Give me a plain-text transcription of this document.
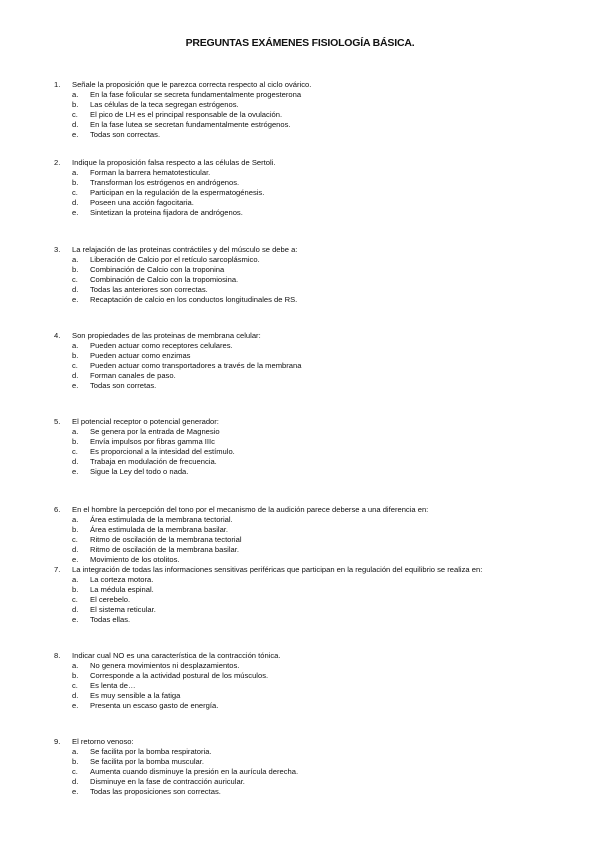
PREGUNTAS EXÁMENES FISIOLOGÍA BÁSICA.
1. Señale la proposición que le parezca correcta respecto al ciclo ovárico.
a. En la fase folicular se secreta fundamentalmente progesterona
b. Las células de la teca segregan estrógenos.
c. El pico de LH es el principal responsable de la ovulación.
d. En la fase lutea se secretan fundamentalmente estrógenos.
e. Todas son correctas.
2. Indique la proposición falsa respecto a las células de Sertoli.
a. Forman la barrera hematotesticular.
b. Transforman los estrógenos en andrógenos.
c. Participan en la regulación de la espermatogénesis.
d. Poseen una acción fagocitaria.
e. Sintetizan la proteina fijadora de andrógenos.
3. La relajación de las proteinas contráctiles y del músculo se debe a:
a. Liberación de Calcio por el retículo sarcoplásmico.
b. Combinación de Calcio con la troponina
c. Combinación de Calcio con la tropomiosina.
d. Todas las anteriores son correctas.
e. Recaptación de calcio en los conductos longitudinales de RS.
4. Son propiedades de las proteinas de membrana celular:
a. Pueden actuar como receptores celulares.
b. Pueden actuar como enzimas
c. Pueden actuar como transportadores a través de la membrana
d. Forman canales de paso.
e. Todas son corretas.
5. El potencial receptor o potencial generador:
a. Se genera por la entrada de Magnesio
b. Envía impulsos por fibras gamma IIIc
c. Es proporcional a la intesidad del estímulo.
d. Trabaja en modulación de frecuencia.
e. Sigue la Ley del todo o nada.
6. En el hombre la percepción del tono por el mecanismo de la audición parece deberse a una diferencia en:
a. Área estimulada de la membrana tectorial.
b. Área estimulada de la membrana basilar.
c. Ritmo de oscilación de la membrana tectorial
d. Ritmo de oscilación de la membrana basilar.
e. Movimiento de los otolitos.
7. La integración de todas las informaciones sensitivas periféricas que participan en la regulación del equilibrio se realiza en:
a. La corteza motora.
b. La médula espinal.
c. El cerebelo.
d. El sistema reticular.
e. Todas ellas.
8. Indicar cual NO es una característica de la contracción tónica.
a. No genera movimientos ni desplazamientos.
b. Corresponde a la actividad postural de los músculos.
c. Es lenta de…
d. Es muy sensible a la fatiga
e. Presenta un escaso gasto de energía.
9. El retorno venoso:
a. Se facilita por la bomba respiratoria.
b. Se facilita por la bomba muscular.
c. Aumenta cuando disminuye la presión en la aurícula derecha.
d. Disminuye en la fase de contracción auricular.
e. Todas las proposiciones son correctas.
